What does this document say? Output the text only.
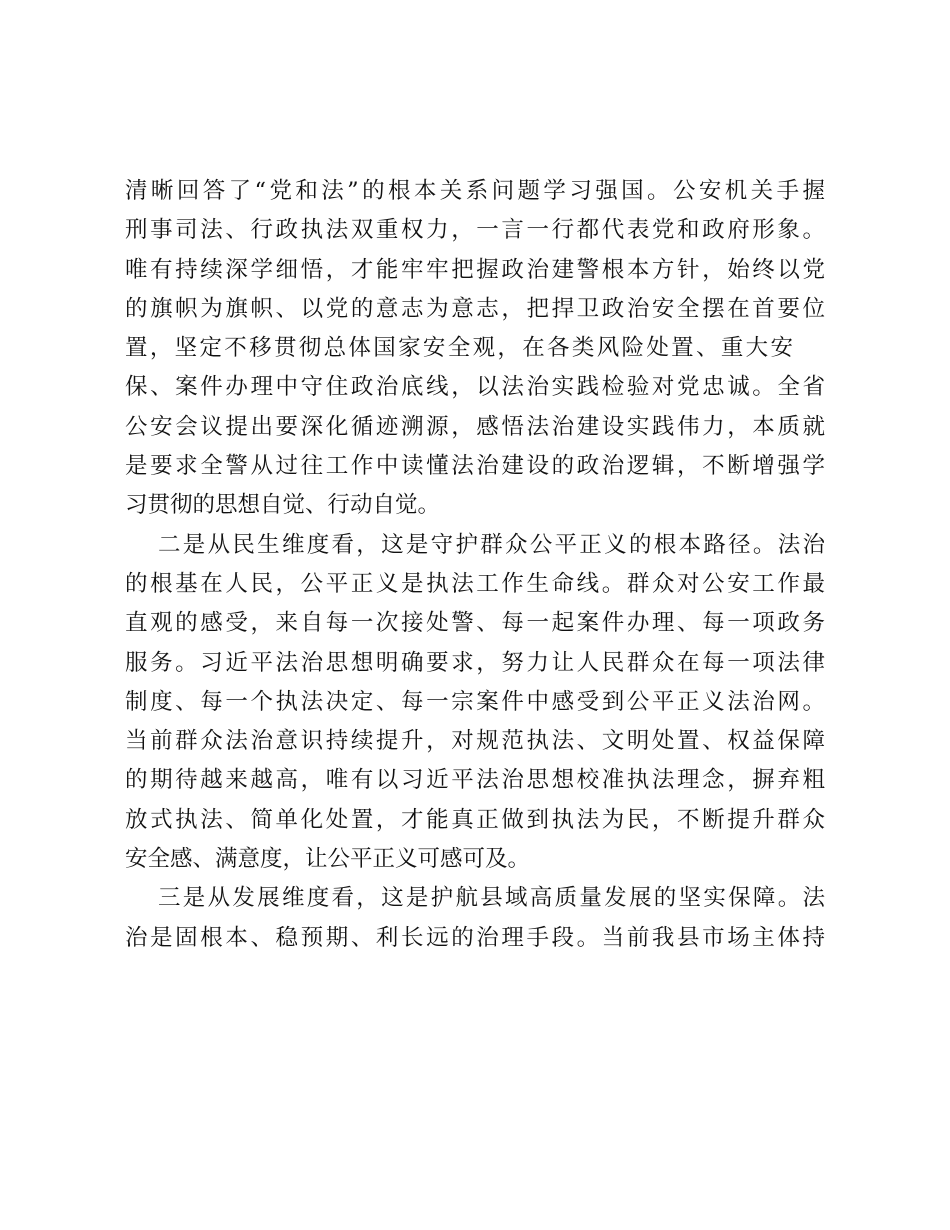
清晰回答了“党和法”的根本关系问题学习强国。公安机关手握
刑事司法、行政执法双重权力，一言一行都代表党和政府形象。
唯有持续深学细悟，才能牢牢把握政治建警根本方针，始终以党
的旗帜为旗帜、以党的意志为意志，把捍卫政治安全摆在首要位
置，坚定不移贯彻总体国家安全观，在各类风险处置、重大安
保、案件办理中守住政治底线，以法治实践检验对党忠诚。全省
公安会议提出要深化循迹溯源，感悟法治建设实践伟力，本质就
是要求全警从过往工作中读懂法治建设的政治逻辑，不断增强学
习贯彻的思想自觉、行动自觉。
二是从民生维度看，这是守护群众公平正义的根本路径。法治
的根基在人民，公平正义是执法工作生命线。群众对公安工作最
直观的感受，来自每一次接处警、每一起案件办理、每一项政务
服务。习近平法治思想明确要求，努力让人民群众在每一项法律
制度、每一个执法决定、每一宗案件中感受到公平正义法治网。
当前群众法治意识持续提升，对规范执法、文明处置、权益保障
的期待越来越高，唯有以习近平法治思想校准执法理念，摒弃粗
放式执法、简单化处置，才能真正做到执法为民，不断提升群众
安全感、满意度，让公平正义可感可及。
三是从发展维度看，这是护航县域高质量发展的坚实保障。法
治是固根本、稳预期、利长远的治理手段。当前我县市场主体持
